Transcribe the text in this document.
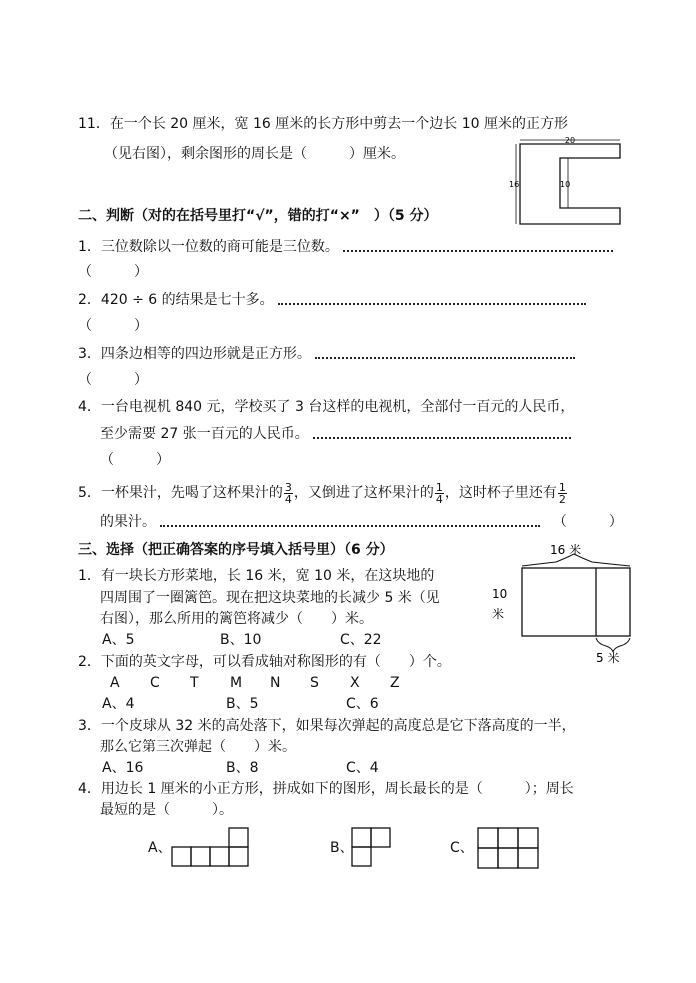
11．在一个长 20 厘米，宽 16 厘米的长方形中剪去一个边长 10 厘米的正方形
（见右图），剩余图形的周长是（　　　）厘米。
20
16	10
二、判断（对的在括号里打“√”，错的打“×”　）（5 分）
1．三位数除以一位数的商可能是三位数。
（　　　）
2．420 ÷ 6 的结果是七十多。
（　　　）
3．四条边相等的四边形就是正方形。
（　　　）
4．一台电视机 840 元，学校买了 3 台这样的电视机，全部付一百元的人民币，
至少需要 27 张一百元的人民币。
（　　　）
5．一杯果汁，先喝了这杯果汁的 $\frac{3}{4}$ ，又倒进了这杯果汁的 $\frac{1}{4}$ ，这时杯子里还有 $\frac{1}{2}$
的果汁。	（　　　）
三、选择（把正确答案的序号填入括号里）（6 分）
1．有一块长方形菜地，长 16 米，宽 10 米，在这块地的
四周围了一圈篱笆。现在把这块菜地的长减少 5 米（见
右图），那么所用的篱笆将减少（　　）米。
A、5	B、10	C、22
16 米
10
米
5 米
2．下面的英文字母，可以看成轴对称图形的有（　　）个。
A C T M N S X Z
A、4	B、5	C、6
3．一个皮球从 32 米的高处落下，如果每次弹起的高度总是它下落高度的一半，
那么它第三次弹起（　　）米。
A、16	B、8	C、4
4．用边长 1 厘米的小正方形，拼成如下的图形，周长最长的是（　　　）；周长
最短的是（　　　）。
A、	B、	C、
